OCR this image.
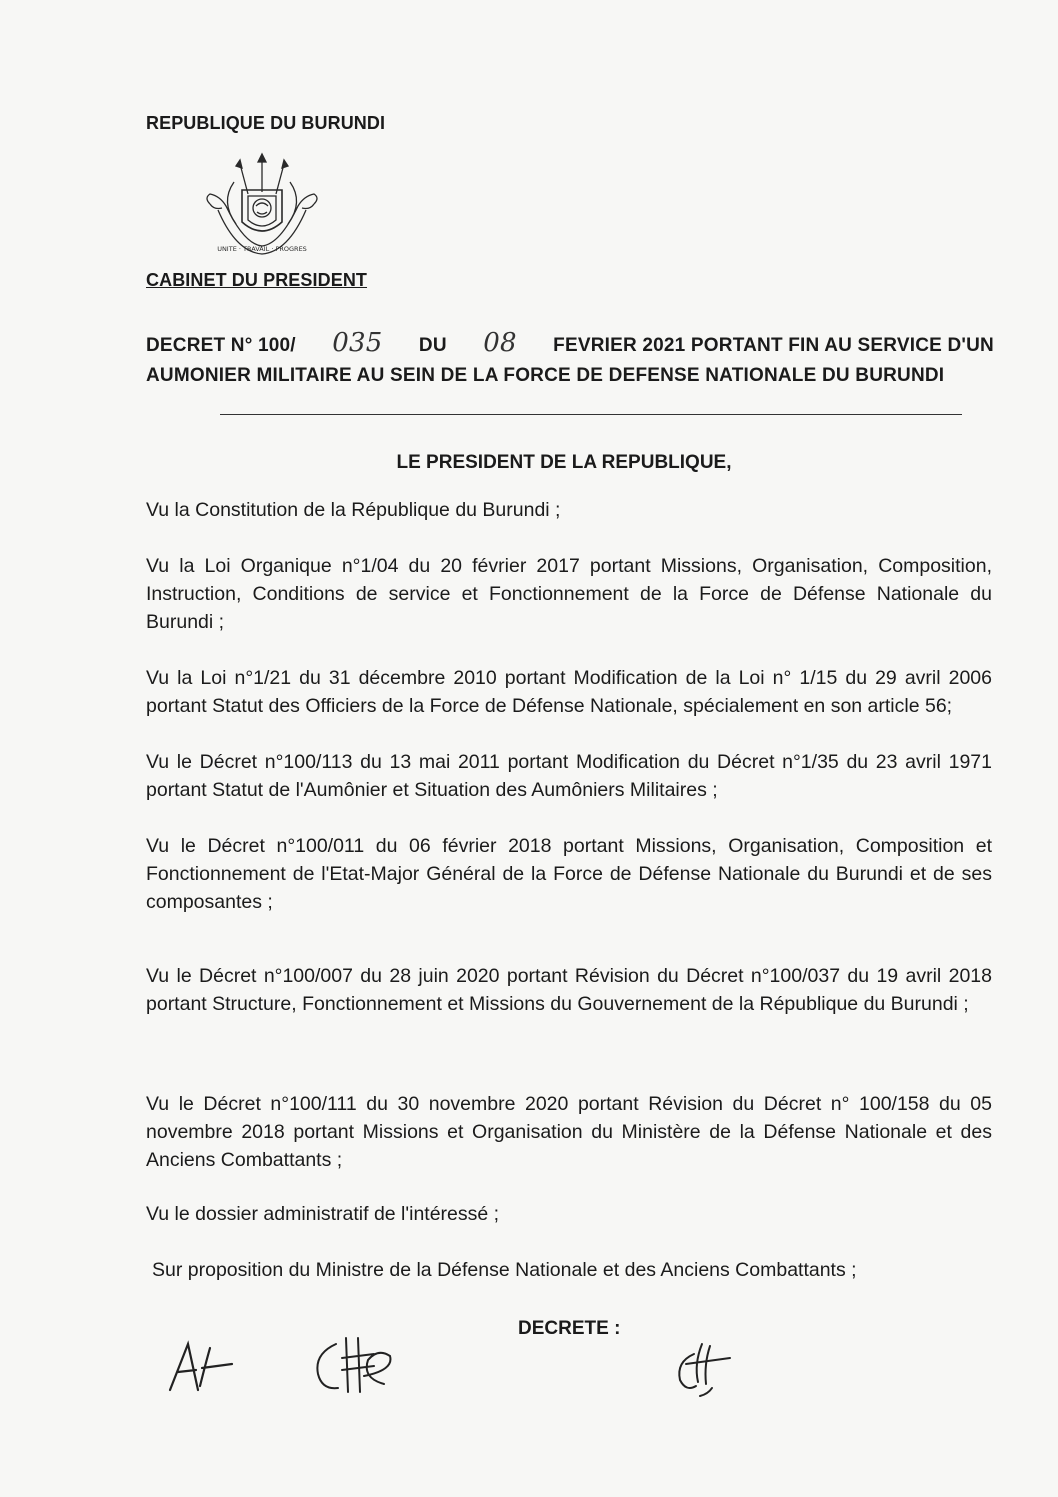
REPUBLIQUE DU BURUNDI
UNITE · TRAVAIL · PROGRES
CABINET DU PRESIDENT
DECRET N° 100/ 035 DU 08 FEVRIER 2021 PORTANT FIN AU SERVICE D'UN
AUMONIER MILITAIRE AU SEIN DE LA FORCE DE DEFENSE NATIONALE DU BURUNDI
LE PRESIDENT DE LA REPUBLIQUE,

Vu la Constitution de la République du Burundi ;

Vu la Loi Organique n°1/04 du 20 février 2017 portant Missions, Organisation, Composition, Instruction, Conditions de service et Fonctionnement de la Force de Défense Nationale du Burundi ;

Vu la Loi n°1/21 du 31 décembre 2010 portant Modification de la Loi n° 1/15 du 29 avril 2006 portant Statut des Officiers de la Force de Défense Nationale, spécialement en son article 56;

Vu le Décret n°100/113 du 13 mai 2011 portant Modification du Décret n°1/35 du 23 avril 1971 portant Statut de l'Aumônier et Situation des Aumôniers Militaires ;

Vu le Décret n°100/011 du 06 février 2018 portant Missions, Organisation, Composition et Fonctionnement de l'Etat-Major Général de la Force de Défense Nationale du Burundi et de ses composantes ;

Vu le Décret n°100/007 du 28 juin 2020 portant Révision du Décret n°100/037 du 19 avril 2018 portant Structure, Fonctionnement et Missions du Gouvernement de la République du Burundi ;

Vu le Décret n°100/111 du 30 novembre 2020 portant Révision du Décret n° 100/158 du 05 novembre 2018 portant Missions et Organisation du Ministère de la Défense Nationale et des Anciens Combattants ;

Vu le dossier administratif de l'intéressé ;

Sur proposition du Ministre de la Défense Nationale et des Anciens Combattants ;

DECRETE :
